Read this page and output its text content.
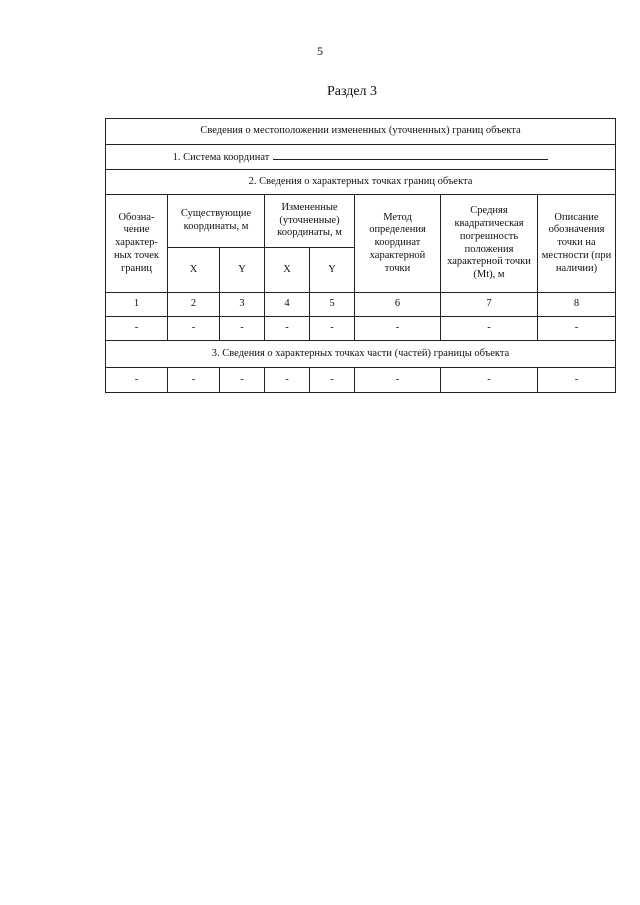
5
Раздел 3
Сведения о местоположении измененных (уточненных) границ объекта							
1. Система координат							
2. Сведения о характерных точках границ объекта							
Обозна- чение характер- ных точек границ	Существующие координаты, м		Измененные (уточненные) координаты, м		Метод определения координат характерной точки	Средняя квадратическая погрешность положения характерной точки (Mt), м	Описание обозначения точки на местности (при наличии)
	X	Y	X	Y			
1	2	3	4	5	6	7	8
-	-	-	-	-	-	-	-
3. Сведения о характерных точках части (частей) границы объекта							
-	-	-	-	-	-	-	-
